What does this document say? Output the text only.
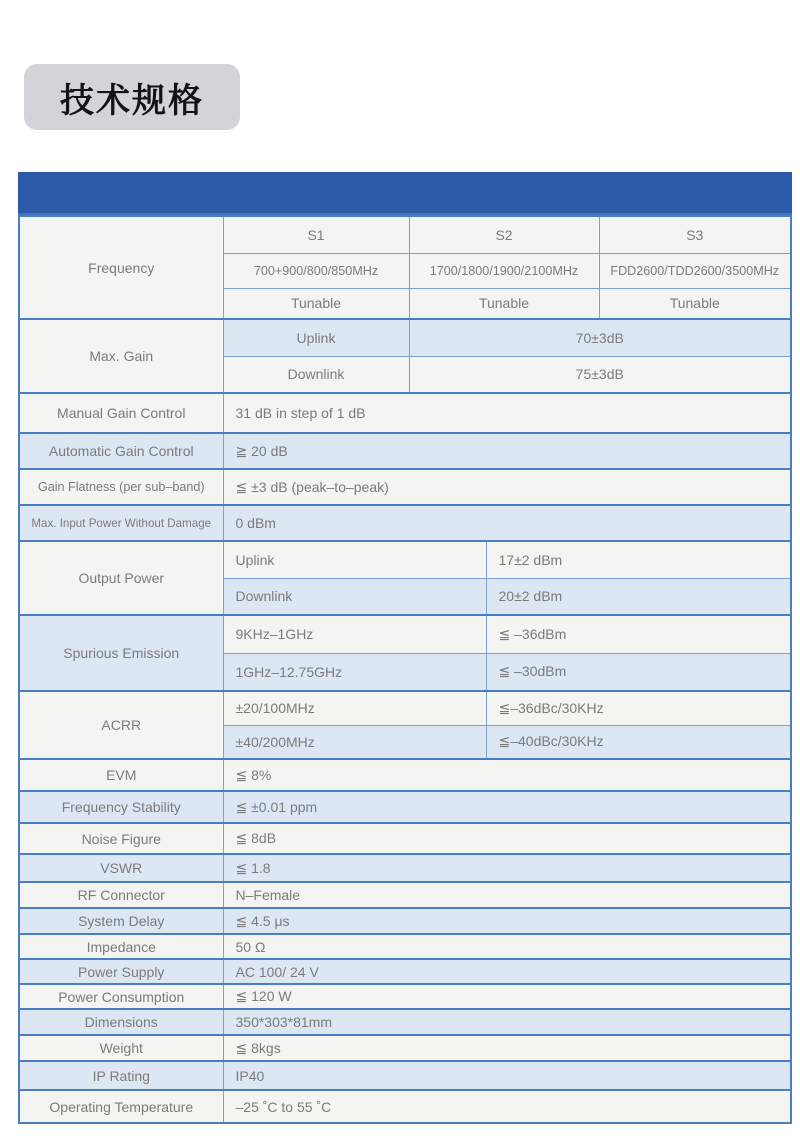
技术规格
Frequency	S1	S2		S3
	700+900/800/850MHz	1700/1800/1900/2100MHz		FDD2600/TDD2600/3500MHz
	Tunable	Tunable		Tunable
Max. Gain	Uplink	70±3dB		
	Downlink	75±3dB		
Manual Gain Control	31 dB in step of 1 dB			
Automatic Gain Control	≧ 20 dB			
Gain Flatness (per sub–band)	≦ ±3 dB (peak–to–peak)			
Max. Input Power Without Damage	0 dBm			
Output Power	Uplink		17±2 dBm	
	Downlink		20±2 dBm	
Spurious Emission	9KHz–1GHz		≦ –36dBm	
	1GHz–12.75GHz		≦ –30dBm	
ACRR	±20/100MHz		≦–36dBc/30KHz	
	±40/200MHz		≦–40dBc/30KHz	
EVM	≦ 8%			
Frequency Stability	≦ ±0.01 ppm			
Noise Figure	≦ 8dB			
VSWR	≦ 1.8			
RF Connector	N–Female			
System Delay	≦ 4.5 μs			
Impedance	50 Ω			
Power Supply	AC 100/ 24 V			
Power Consumption	≦ 120 W			
Dimensions	350*303*81mm			
Weight	≦ 8kgs			
IP Rating	IP40			
Operating Temperature	–25 ˚C to 55 ˚C			
